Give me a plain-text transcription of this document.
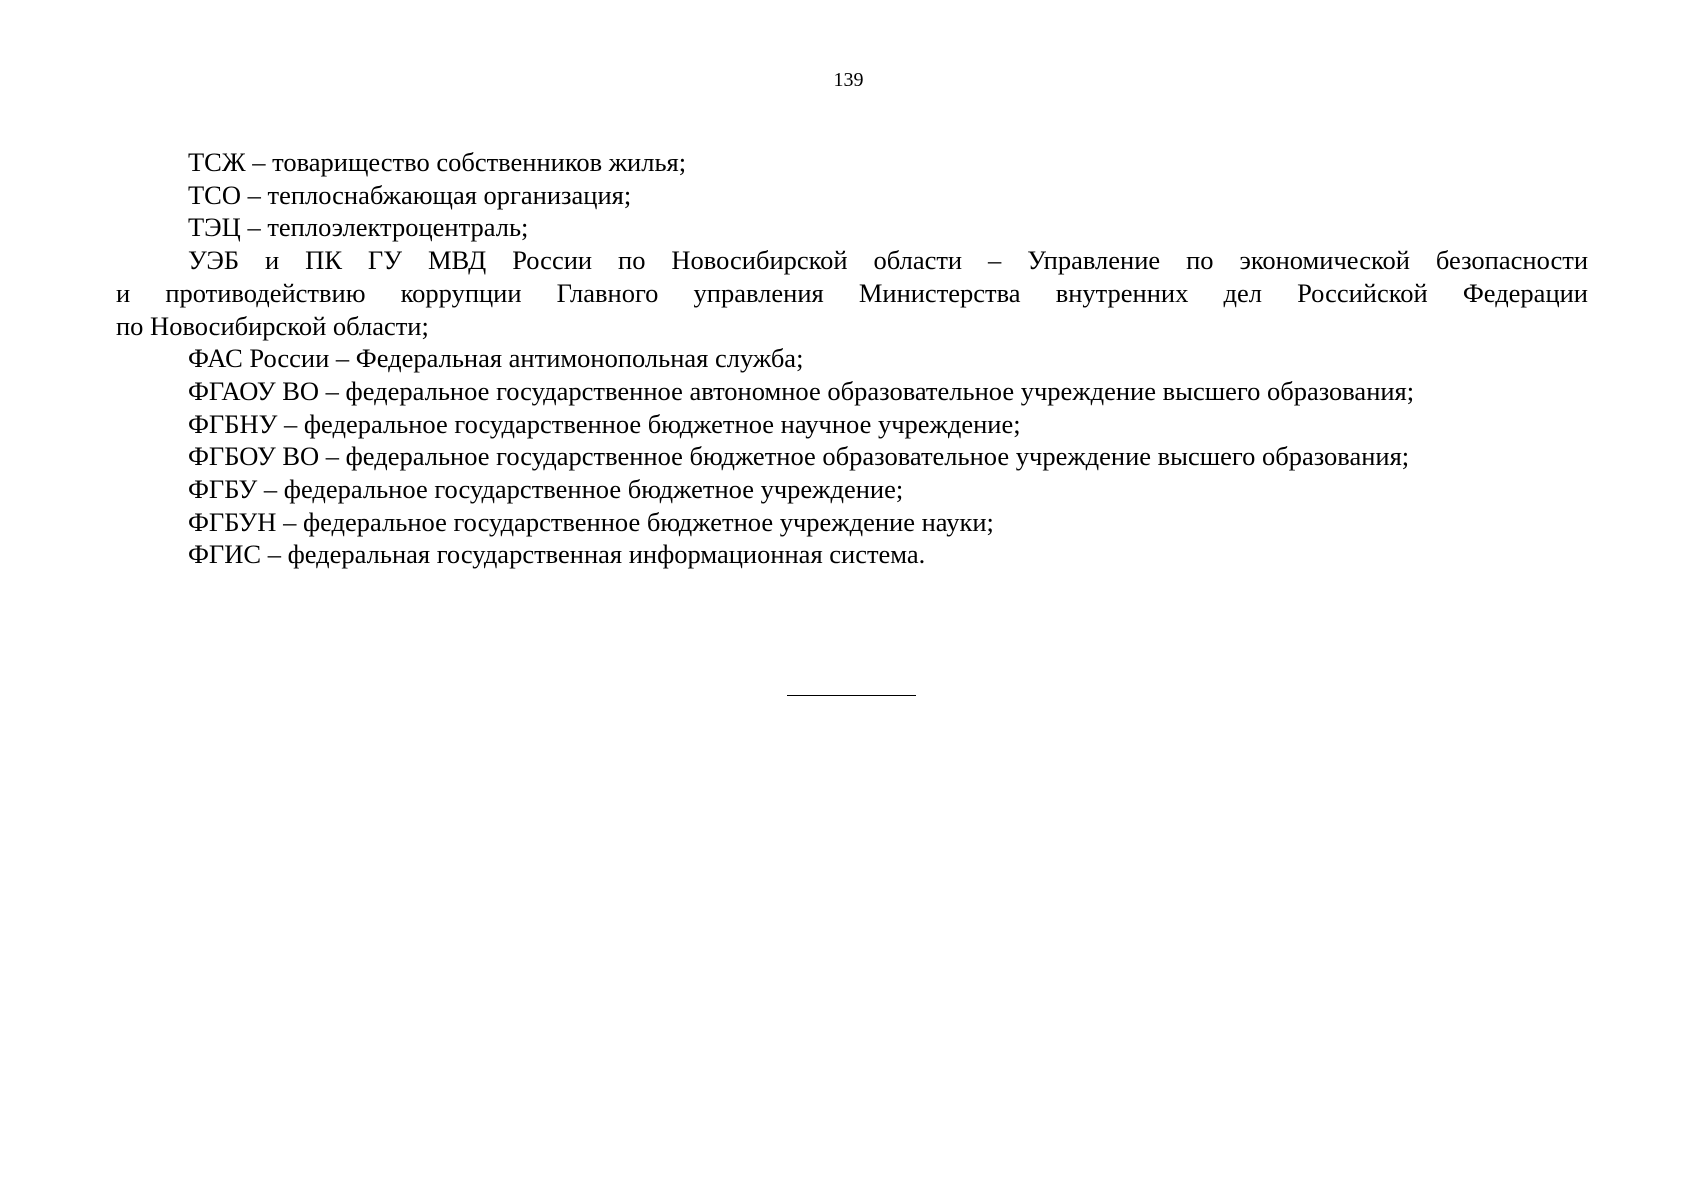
139
ТСЖ – товарищество собственников жилья;
ТСО – теплоснабжающая организация;
ТЭЦ – теплоэлектроцентраль;
УЭБ и ПК ГУ МВД России по Новосибирской области – Управление по экономической безопасности
и противодействию коррупции Главного управления Министерства внутренних дел Российской Федерации
по Новосибирской области;
ФАС России – Федеральная антимонопольная служба;
ФГАОУ ВО – федеральное государственное автономное образовательное учреждение высшего образования;
ФГБНУ – федеральное государственное бюджетное научное учреждение;
ФГБОУ ВО – федеральное государственное бюджетное образовательное учреждение высшего образования;
ФГБУ – федеральное государственное бюджетное учреждение;
ФГБУН – федеральное государственное бюджетное учреждение науки;
ФГИС – федеральная государственная информационная система.
